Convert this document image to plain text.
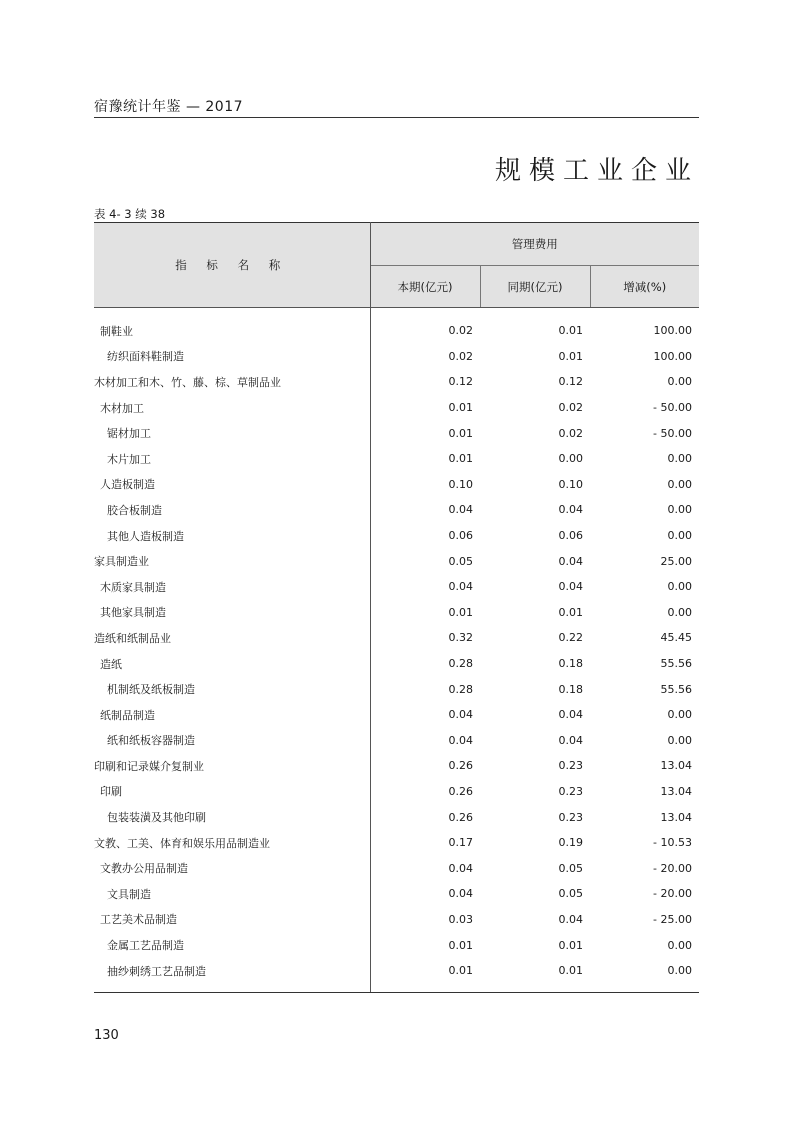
宿豫统计年鉴 — 2017
规模工业企业
表 4- 3 续 38
指 标 名 称	管理费用		
	本期(亿元)	同期(亿元)	增减(%)
制鞋业	0.02	0.01	100.00
纺织面料鞋制造	0.02	0.01	100.00
木材加工和木、竹、藤、棕、草制品业	0.12	0.12	0.00
木材加工	0.01	0.02	- 50.00
锯材加工	0.01	0.02	- 50.00
木片加工	0.01	0.00	0.00
人造板制造	0.10	0.10	0.00
胶合板制造	0.04	0.04	0.00
其他人造板制造	0.06	0.06	0.00
家具制造业	0.05	0.04	25.00
木质家具制造	0.04	0.04	0.00
其他家具制造	0.01	0.01	0.00
造纸和纸制品业	0.32	0.22	45.45
造纸	0.28	0.18	55.56
机制纸及纸板制造	0.28	0.18	55.56
纸制品制造	0.04	0.04	0.00
纸和纸板容器制造	0.04	0.04	0.00
印刷和记录媒介复制业	0.26	0.23	13.04
印刷	0.26	0.23	13.04
包装装潢及其他印刷	0.26	0.23	13.04
文教、工美、体育和娱乐用品制造业	0.17	0.19	- 10.53
文教办公用品制造	0.04	0.05	- 20.00
文具制造	0.04	0.05	- 20.00
工艺美术品制造	0.03	0.04	- 25.00
金属工艺品制造	0.01	0.01	0.00
抽纱刺绣工艺品制造	0.01	0.01	0.00
130
